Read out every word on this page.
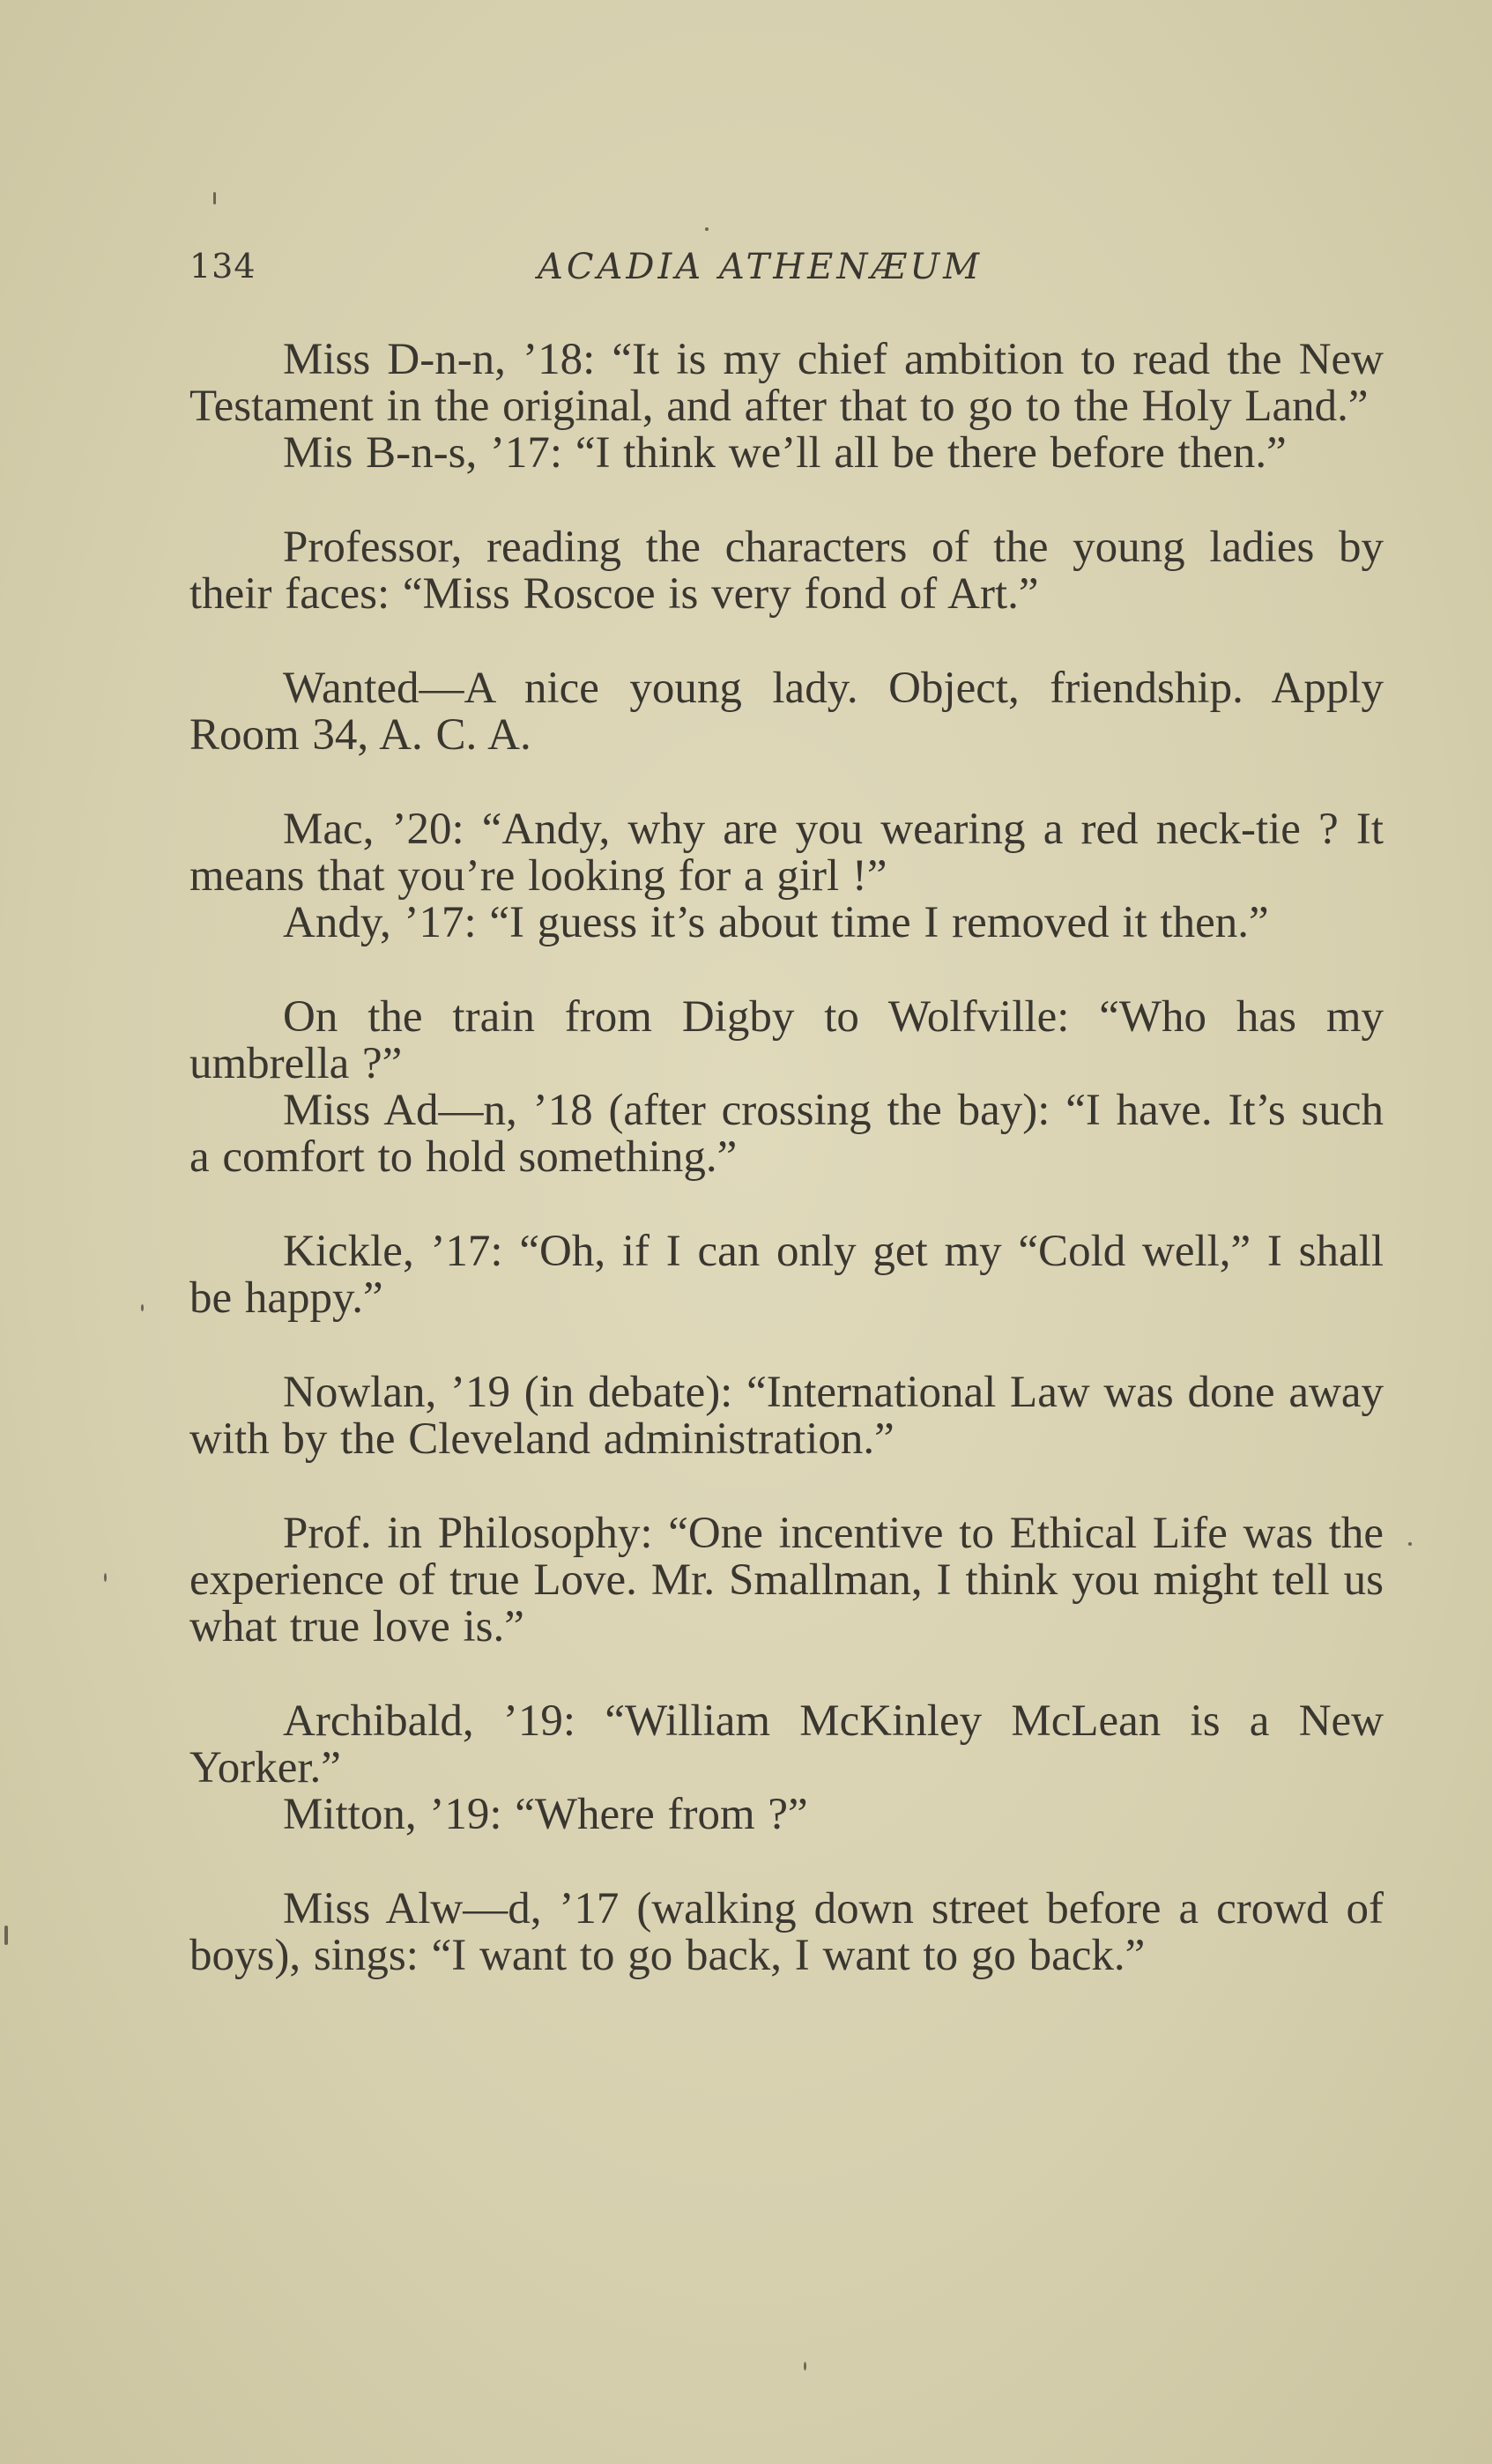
134	ACADIA ATHENÆUM

Miss D-n-n, ’18: “It is my chief ambition to read the New Testament in the original, and after that to go to the Holy Land.”

Mis B-n-s, ’17: “I think we’ll all be there before then.”

Professor, reading the characters of the young ladies by their faces: “Miss Roscoe is very fond of Art.”

Wanted—A nice young lady. Object, friendship. Apply Room 34, A. C. A.

Mac, ’20: “Andy, why are you wearing a red neck-tie ? It means that you’re looking for a girl !”

Andy, ’17: “I guess it’s about time I removed it then.”

On the train from Digby to Wolfville: “Who has my umbrella ?”

Miss Ad—n, ’18 (after crossing the bay): “I have. It’s such a comfort to hold something.”

Kickle, ’17: “Oh, if I can only get my “Cold well,” I shall be happy.”

Nowlan, ’19 (in debate): “International Law was done away with by the Cleveland administration.”

Prof. in Philosophy: “One incentive to Ethical Life was the experience of true Love. Mr. Smallman, I think you might tell us what true love is.”

Archibald, ’19: “William McKinley McLean is a New Yorker.”

Mitton, ’19: “Where from ?”

Miss Alw—d, ’17 (walking down street before a crowd of boys), sings: “I want to go back, I want to go back.”
